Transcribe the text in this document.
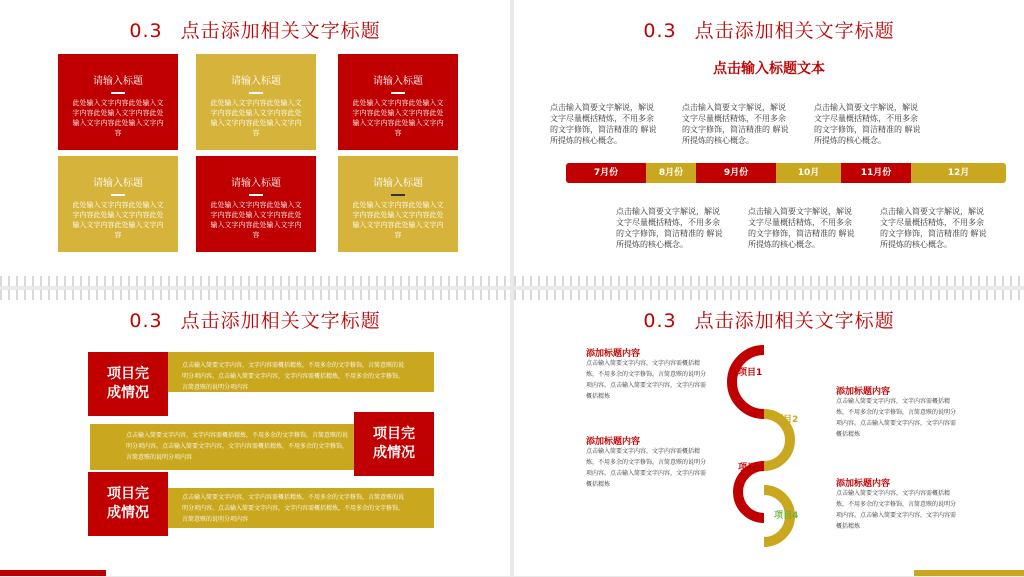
0.3 点击添加相关文字标题
请输入标题
此处输入文字内容此处输入文字内容此处输入文字内容此处输入文字内容此处输入文字内容
请输入标题
此处输入文字内容此处输入文字内容此处输入文字内容此处输入文字内容此处输入文字内容
请输入标题
此处输入文字内容此处输入文字内容此处输入文字内容此处输入文字内容此处输入文字内容
请输入标题
此处输入文字内容此处输入文字内容此处输入文字内容此处输入文字内容此处输入文字内容
请输入标题
此处输入文字内容此处输入文字内容此处输入文字内容此处输入文字内容此处输入文字内容
请输入标题
此处输入文字内容此处输入文字内容此处输入文字内容此处输入文字内容此处输入文字内容
0.3 点击添加相关文字标题
点击输入标题文本
点击输入简要文字解说，解说文字尽量概括精炼，不用多余的文字修饰，简洁精准的 解说所提炼的核心概念。
点击输入简要文字解说，解说文字尽量概括精炼，不用多余的文字修饰，简洁精准的 解说所提炼的核心概念。
点击输入简要文字解说，解说文字尽量概括精炼，不用多余的文字修饰，简洁精准的 解说所提炼的核心概念。
7月份	8月份	9月份	10月	11月份	12月
点击输入简要文字解说，解说文字尽量概括精炼，不用多余的文字修饰，简洁精准的 解说所提炼的核心概念。
点击输入简要文字解说，解说文字尽量概括精炼，不用多余的文字修饰，简洁精准的 解说所提炼的核心概念。
点击输入简要文字解说，解说文字尽量概括精炼，不用多余的文字修饰，简洁精准的 解说所提炼的核心概念。
0.3 点击添加相关文字标题
点击输入简要文字内容，文字内容需概括精炼，不用多余的文字修饰，言简意赅的说明分项内容。点击输入简要文字内容，文字内容需概括精炼，不用多余的文字修饰，言简意赅的说明分项内容
项目完成情况
点击输入简要文字内容，文字内容需概括精炼，不用多余的文字修饰，言简意赅的说明分项内容。点击输入简要文字内容，文字内容需概括精炼，不用多余的文字修饰，言简意赅的说明分项内容
项目完成情况
点击输入简要文字内容，文字内容需概括精炼，不用多余的文字修饰，言简意赅的说明分项内容。点击输入简要文字内容，文字内容需概括精炼，不用多余的文字修饰，言简意赅的说明分项内容
项目完成情况
0.3 点击添加相关文字标题
项目1
项目2
项目3
项目4
添加标题内容
点击输入简要文字内容，文字内容需概括精炼，不用多余的文字修饰，言简意赅的说明分项内容。点击输入简要文字内容，文字内容需概括精炼
添加标题内容
点击输入简要文字内容，文字内容需概括精炼，不用多余的文字修饰，言简意赅的说明分项内容。点击输入简要文字内容，文字内容需概括精炼
添加标题内容
点击输入简要文字内容，文字内容需概括精炼，不用多余的文字修饰，言简意赅的说明分项内容。点击输入简要文字内容，文字内容需概括精炼
添加标题内容
点击输入简要文字内容，文字内容需概括精炼，不用多余的文字修饰，言简意赅的说明分项内容。点击输入简要文字内容，文字内容需概括精炼
